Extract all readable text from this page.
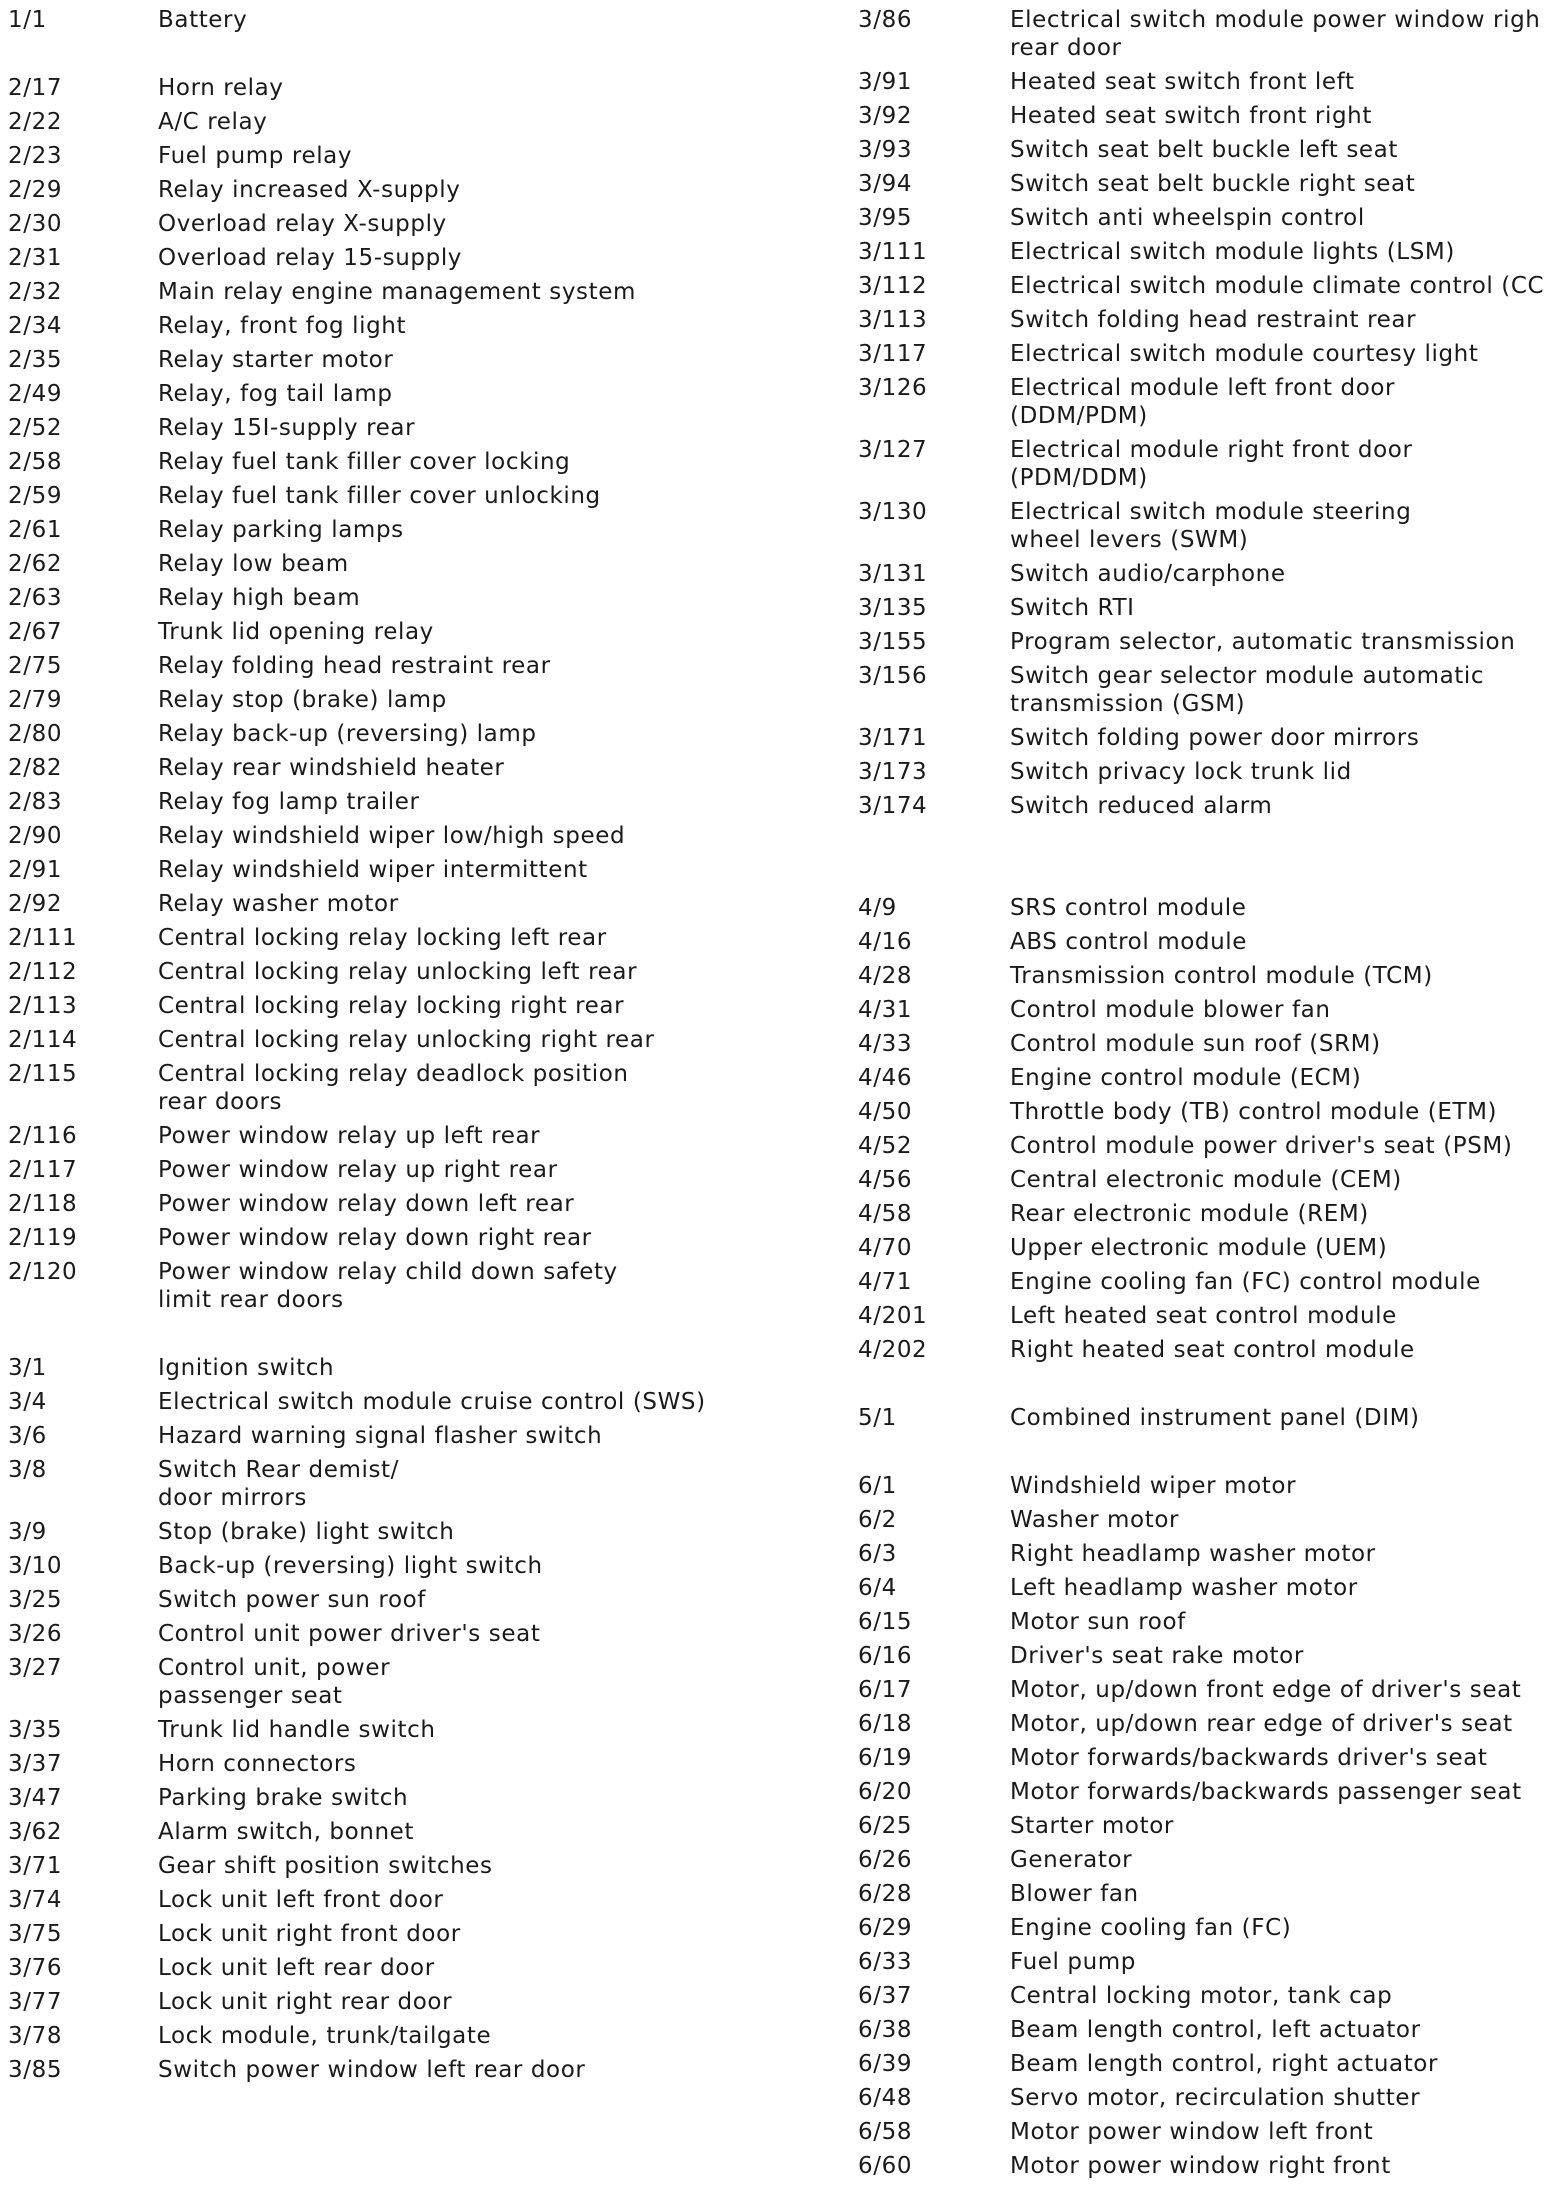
1/1	Battery
2/17	Horn relay
2/22	A/C relay
2/23	Fuel pump relay
2/29	Relay increased X-supply
2/30	Overload relay X-supply
2/31	Overload relay 15-supply
2/32	Main relay engine management system
2/34	Relay, front fog light
2/35	Relay starter motor
2/49	Relay, fog tail lamp
2/52	Relay 15I-supply rear
2/58	Relay fuel tank filler cover locking
2/59	Relay fuel tank filler cover unlocking
2/61	Relay parking lamps
2/62	Relay low beam
2/63	Relay high beam
2/67	Trunk lid opening relay
2/75	Relay folding head restraint rear
2/79	Relay stop (brake) lamp
2/80	Relay back-up (reversing) lamp
2/82	Relay rear windshield heater
2/83	Relay fog lamp trailer
2/90	Relay windshield wiper low/high speed
2/91	Relay windshield wiper intermittent
2/92	Relay washer motor
2/111	Central locking relay locking left rear
2/112	Central locking relay unlocking left rear
2/113	Central locking relay locking right rear
2/114	Central locking relay unlocking right rear
2/115	Central locking relay deadlock position
rear doors
2/116	Power window relay up left rear
2/117	Power window relay up right rear
2/118	Power window relay down left rear
2/119	Power window relay down right rear
2/120	Power window relay child down safety
limit rear doors
3/1	Ignition switch
3/4	Electrical switch module cruise control (SWS)
3/6	Hazard warning signal flasher switch
3/8	Switch Rear demist/
door mirrors
3/9	Stop (brake) light switch
3/10	Back-up (reversing) light switch
3/25	Switch power sun roof
3/26	Control unit power driver's seat
3/27	Control unit, power
passenger seat
3/35	Trunk lid handle switch
3/37	Horn connectors
3/47	Parking brake switch
3/62	Alarm switch, bonnet
3/71	Gear shift position switches
3/74	Lock unit left front door
3/75	Lock unit right front door
3/76	Lock unit left rear door
3/77	Lock unit right rear door
3/78	Lock module, trunk/tailgate
3/85	Switch power window left rear door
3/86	Electrical switch module power window righ
rear door
3/91	Heated seat switch front left
3/92	Heated seat switch front right
3/93	Switch seat belt buckle left seat
3/94	Switch seat belt buckle right seat
3/95	Switch anti wheelspin control
3/111	Electrical switch module lights (LSM)
3/112	Electrical switch module climate control (CC
3/113	Switch folding head restraint rear
3/117	Electrical switch module courtesy light
3/126	Electrical module left front door
(DDM/PDM)
3/127	Electrical module right front door
(PDM/DDM)
3/130	Electrical switch module steering
wheel levers (SWM)
3/131	Switch audio/carphone
3/135	Switch RTI
3/155	Program selector, automatic transmission
3/156	Switch gear selector module automatic
transmission (GSM)
3/171	Switch folding power door mirrors
3/173	Switch privacy lock trunk lid
3/174	Switch reduced alarm
4/9	SRS control module
4/16	ABS control module
4/28	Transmission control module (TCM)
4/31	Control module blower fan
4/33	Control module sun roof (SRM)
4/46	Engine control module (ECM)
4/50	Throttle body (TB) control module (ETM)
4/52	Control module power driver's seat (PSM)
4/56	Central electronic module (CEM)
4/58	Rear electronic module (REM)
4/70	Upper electronic module (UEM)
4/71	Engine cooling fan (FC) control module
4/201	Left heated seat control module
4/202	Right heated seat control module
5/1	Combined instrument panel (DIM)
6/1	Windshield wiper motor
6/2	Washer motor
6/3	Right headlamp washer motor
6/4	Left headlamp washer motor
6/15	Motor sun roof
6/16	Driver's seat rake motor
6/17	Motor, up/down front edge of driver's seat
6/18	Motor, up/down rear edge of driver's seat
6/19	Motor forwards/backwards driver's seat
6/20	Motor forwards/backwards passenger seat
6/25	Starter motor
6/26	Generator
6/28	Blower fan
6/29	Engine cooling fan (FC)
6/33	Fuel pump
6/37	Central locking motor, tank cap
6/38	Beam length control, left actuator
6/39	Beam length control, right actuator
6/48	Servo motor, recirculation shutter
6/58	Motor power window left front
6/60	Motor power window right front
